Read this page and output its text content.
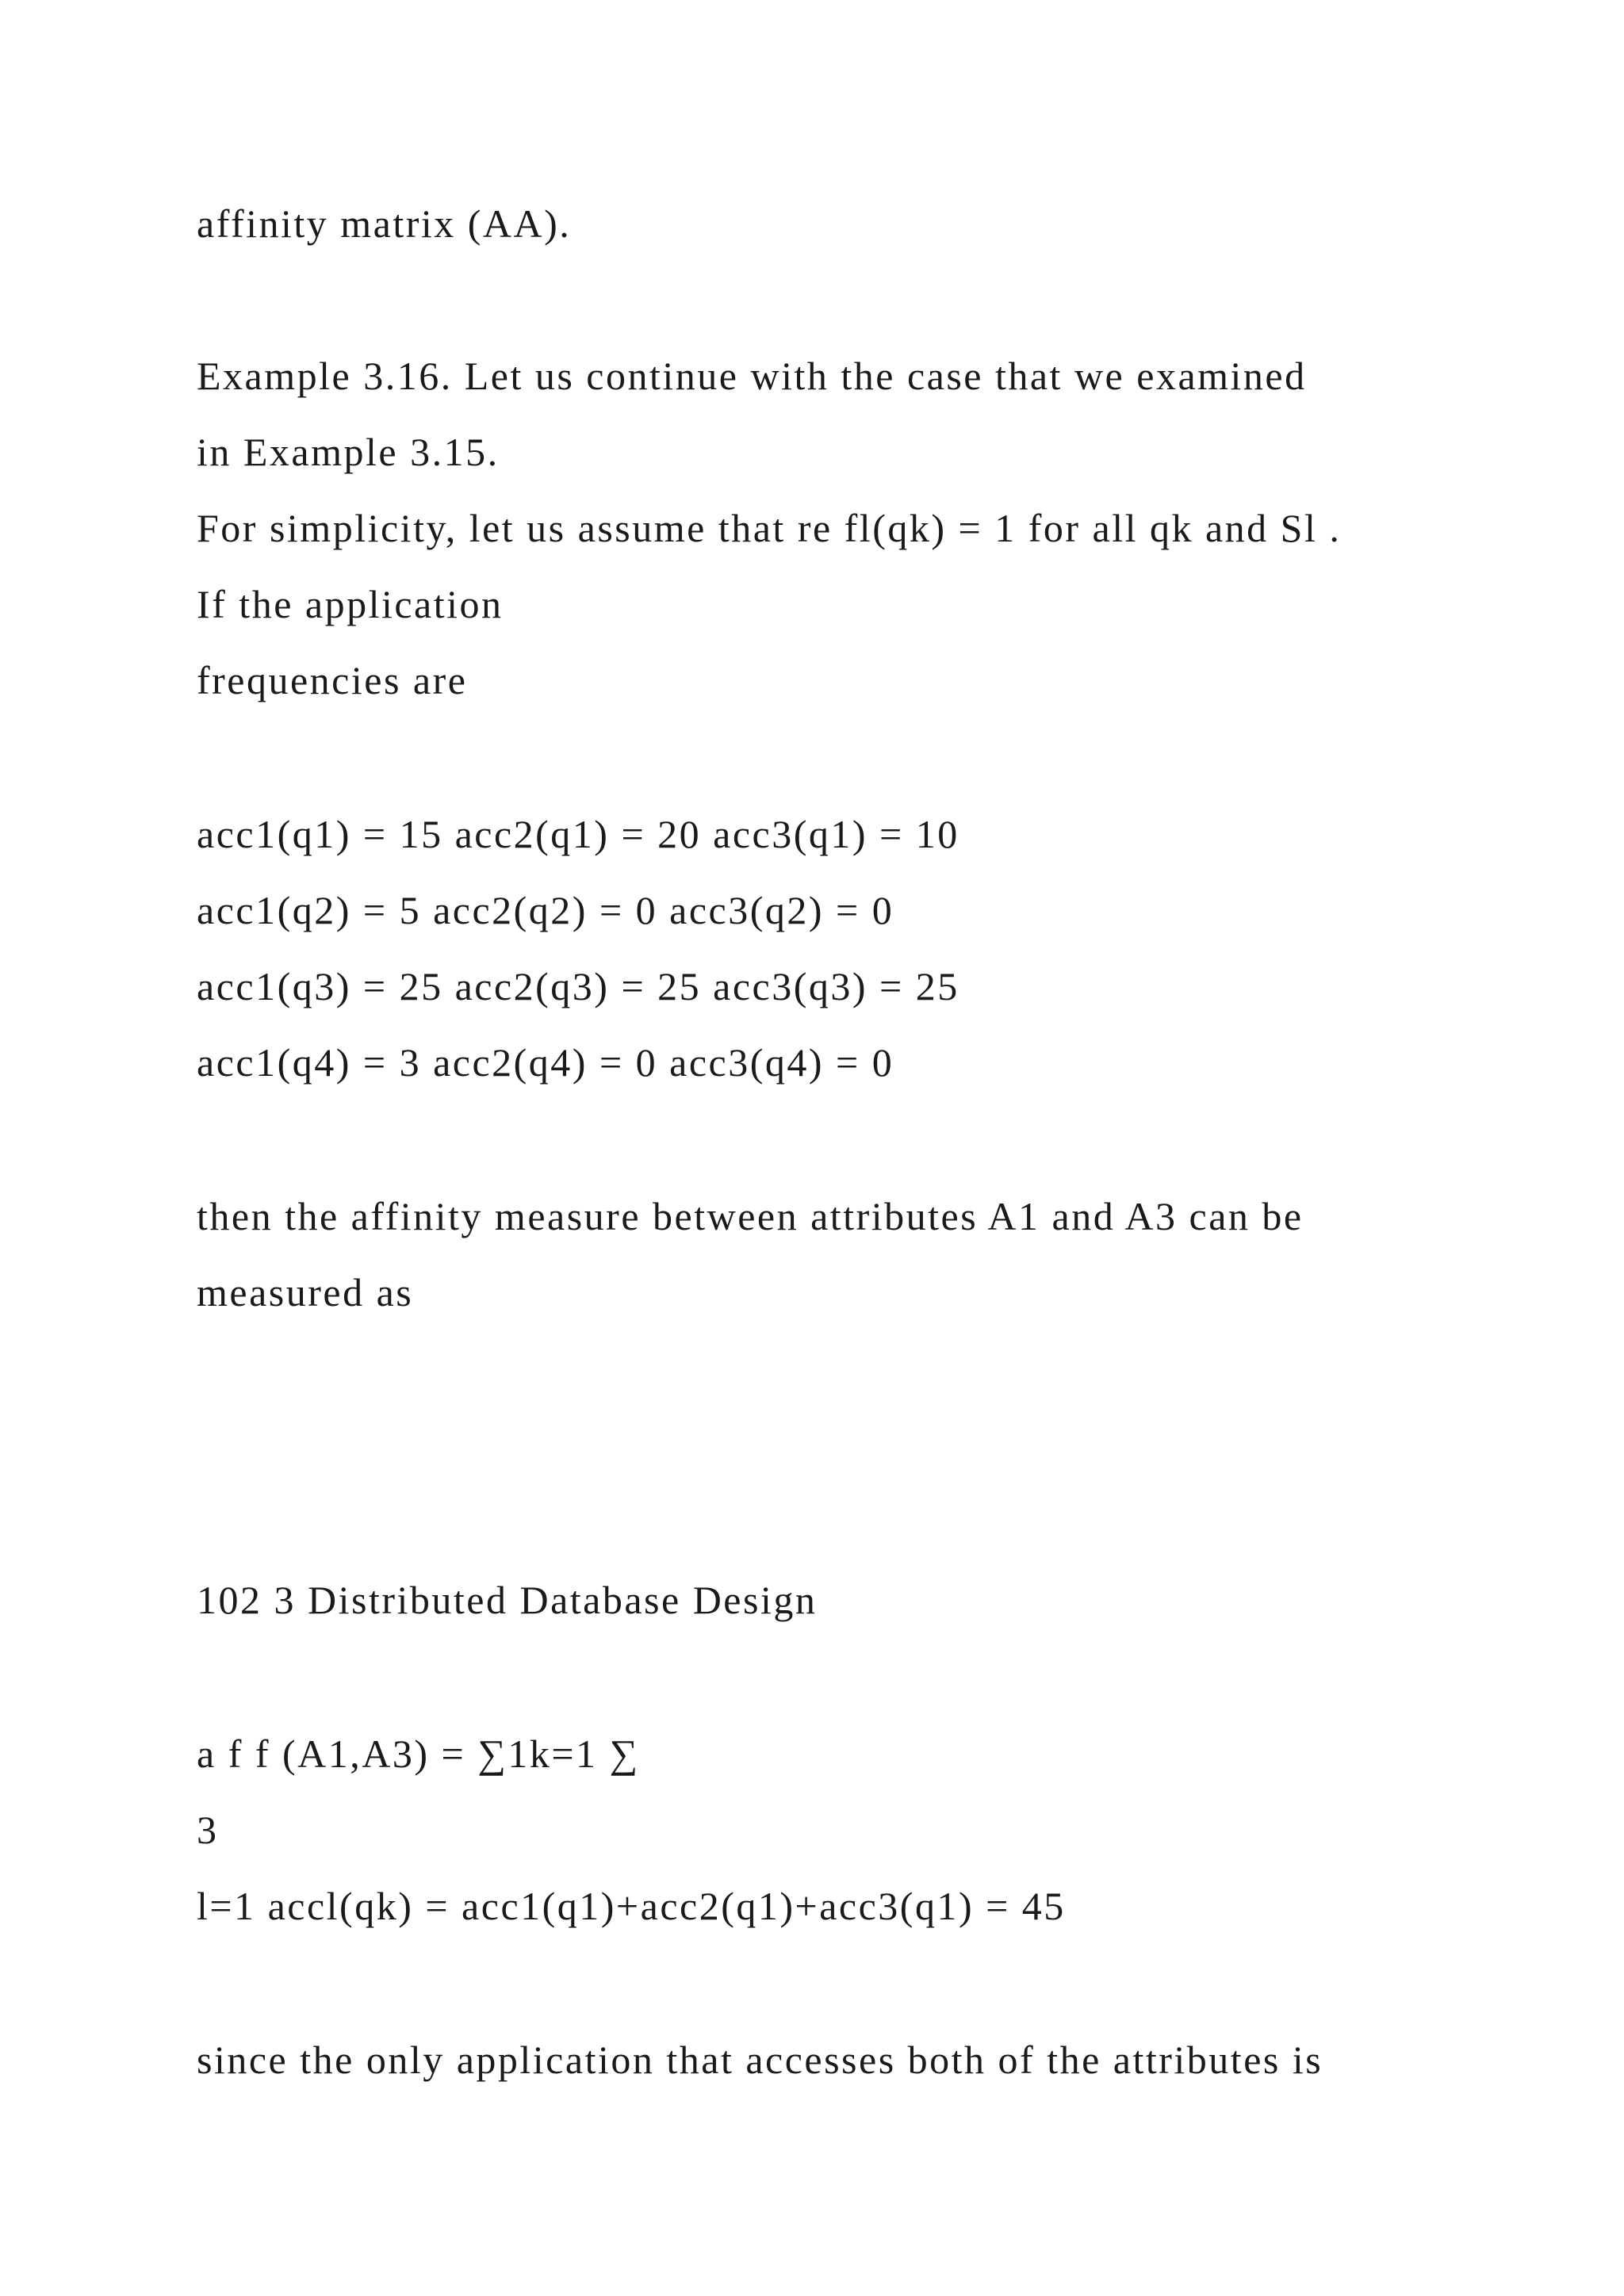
affinity matrix (AA).
Example 3.16. Let us continue with the case that we examined
in Example 3.15.
For simplicity, let us assume that re fl(qk) = 1 for all qk and Sl .
If the application
frequencies are
acc1(q1) = 15 acc2(q1) = 20 acc3(q1) = 10
acc1(q2) = 5 acc2(q2) = 0 acc3(q2) = 0
acc1(q3) = 25 acc2(q3) = 25 acc3(q3) = 25
acc1(q4) = 3 acc2(q4) = 0 acc3(q4) = 0
then the affinity measure between attributes A1 and A3 can be
measured as
102 3 Distributed Database Design
a f f (A1,A3) = ∑1k=1 ∑
3
l=1 accl(qk) = acc1(q1)+acc2(q1)+acc3(q1) = 45
since the only application that accesses both of the attributes is
